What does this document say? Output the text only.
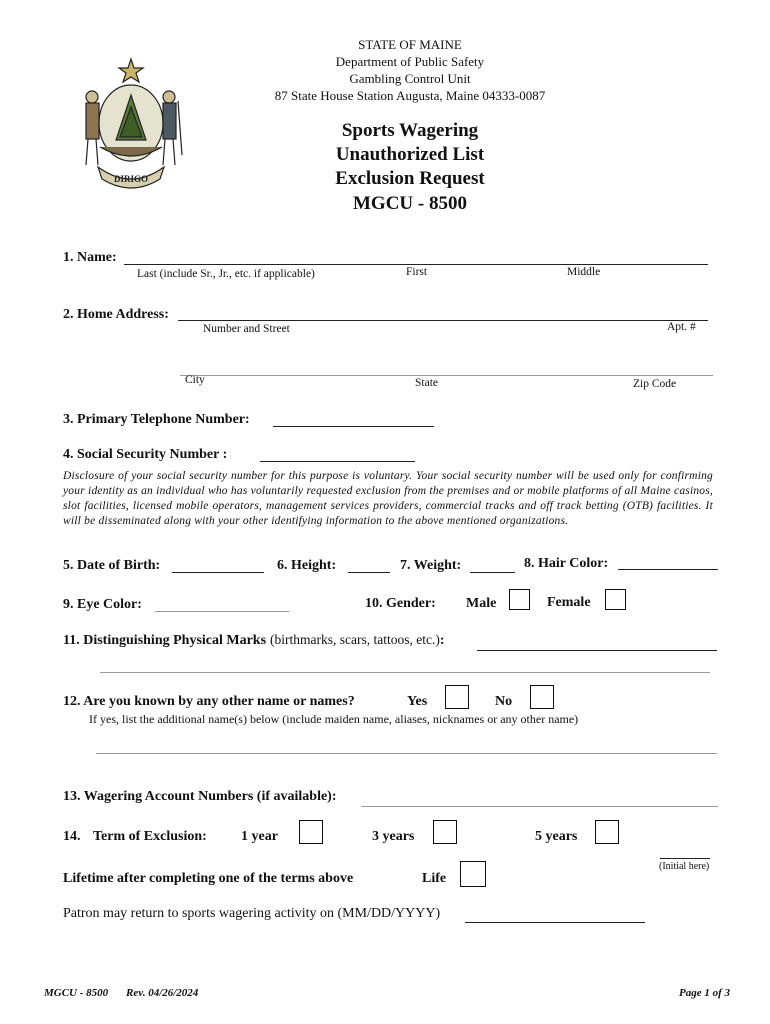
DIRIGO
STATE OF MAINE
Department of Public Safety
Gambling Control Unit
87 State House Station Augusta, Maine 04333-0087
Sports Wagering
Unauthorized List
Exclusion Request
MGCU - 8500
1. Name:
Last (include Sr., Jr., etc. if applicable)	First	Middle
2. Home Address:
Number and Street	Apt. #
City	State	Zip Code
3. Primary Telephone Number:
4. Social Security Number :
Disclosure of your social security number for this purpose is voluntary. Your social security number will be used only for confirming your identity as an individual who has voluntarily requested exclusion from the premises and or mobile platforms of all Maine casinos, slot facilities, licensed mobile operators, management services providers, commercial tracks and off track betting (OTB) facilities. It will be disseminated along with your other identifying information to the above mentioned organizations.
5. Date of Birth:	6. Height:	7. Weight:	8. Hair Color:
9. Eye Color:	10. Gender: Male	Female
11. Distinguishing Physical Marks (birthmarks, scars, tattoos, etc.):
12. Are you known by any other name or names?	Yes	No
If yes, list the additional name(s) below (include maiden name, aliases, nicknames or any other name)
13. Wagering Account Numbers (if available):
14. Term of Exclusion: 1 year	3 years	5 years
(Initial here)
Lifetime after completing one of the terms above	Life
Patron may return to sports wagering activity on (MM/DD/YYYY)
MGCU - 8500 Rev. 04/26/2024	Page 1 of 3
